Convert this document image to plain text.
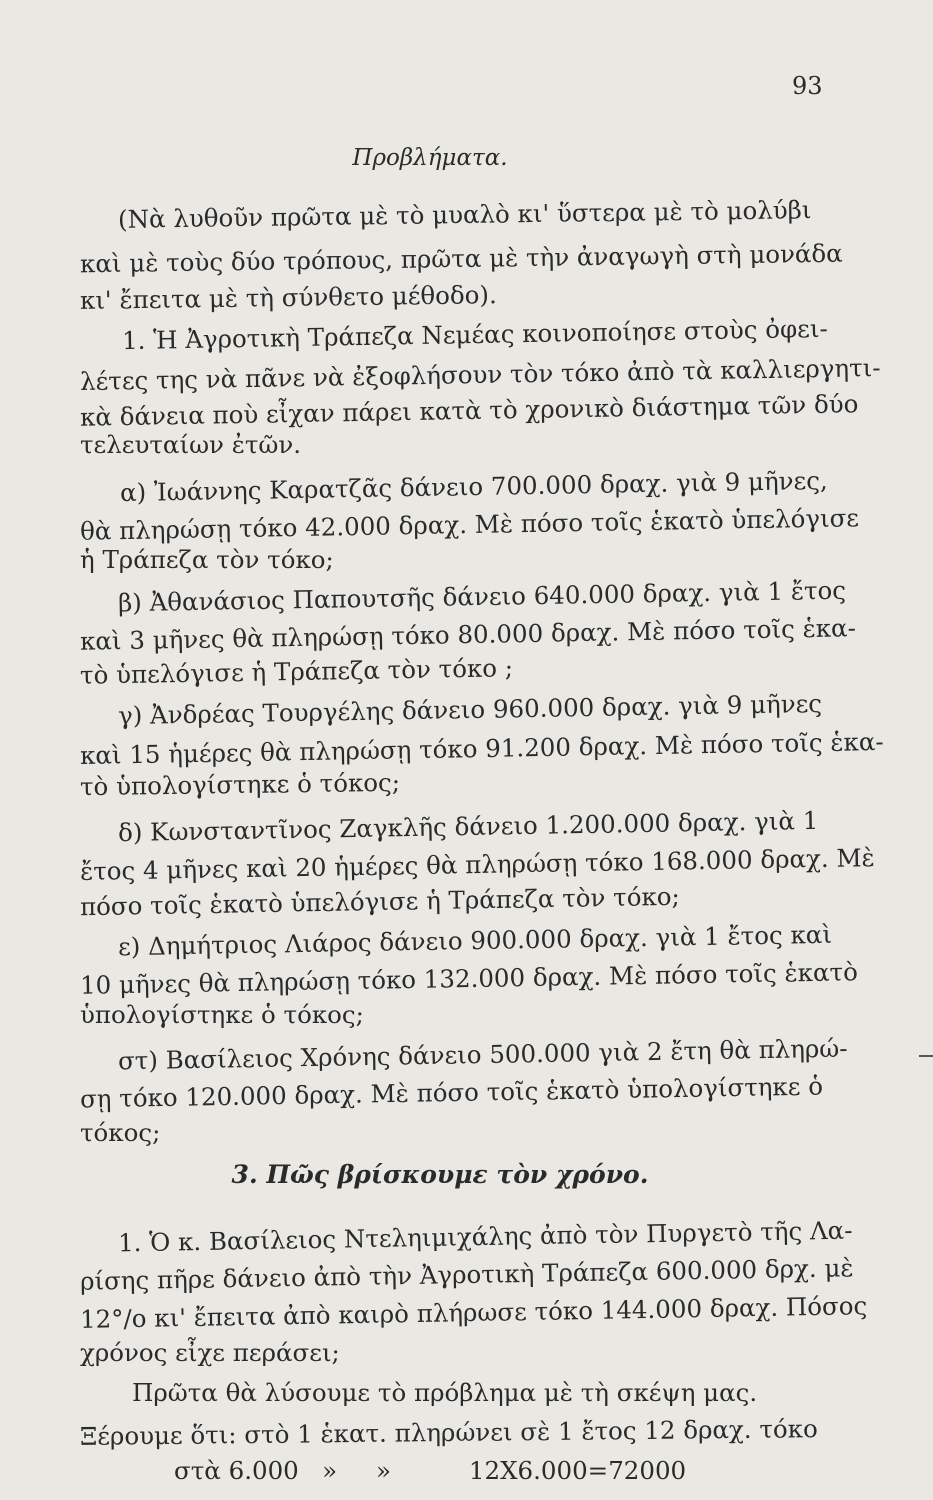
93
Προβλήματα.
(Νὰ λυθοῦν πρῶτα μὲ τὸ μυαλὸ κι' ὕστερα μὲ τὸ μολύβι
καὶ μὲ τοὺς δύο τρόπους, πρῶτα μὲ τὴν ἀναγωγὴ στὴ μονάδα
κι' ἔπειτα μὲ τὴ σύνθετο μέθοδο).
1. Ἡ Ἀγροτικὴ Τράπεζα Νεμέας κοινοποίησε στοὺς ὀφει-
λέτες της νὰ πᾶνε νὰ ἐξοφλήσουν τὸν τόκο ἀπὸ τὰ καλλιεργητι-
κὰ δάνεια ποὺ εἶχαν πάρει κατὰ τὸ χρονικὸ διάστημα τῶν δύο
τελευταίων ἐτῶν.
α) Ἰωάννης Καρατζᾶς δάνειο 700.000 δραχ. γιὰ 9 μῆνες,
θὰ πληρώσῃ τόκο 42.000 δραχ. Μὲ πόσο τοῖς ἑκατὸ ὑπελόγισε
ἡ Τράπεζα τὸν τόκο;
β) Ἀθανάσιος Παπουτσῆς δάνειο 640.000 δραχ. γιὰ 1 ἔτος
καὶ 3 μῆνες θὰ πληρώσῃ τόκο 80.000 δραχ. Μὲ πόσο τοῖς ἑκα-
τὸ ὑπελόγισε ἡ Τράπεζα τὸν τόκο ;
γ) Ἀνδρέας Τουργέλης δάνειο 960.000 δραχ. γιὰ 9 μῆνες
καὶ 15 ἡμέρες θὰ πληρώσῃ τόκο 91.200 δραχ. Μὲ πόσο τοῖς ἑκα-
τὸ ὑπολογίστηκε ὁ τόκος;
δ) Κωνσταντῖνος Ζαγκλῆς δάνειο 1.200.000 δραχ. γιὰ 1
ἔτος 4 μῆνες καὶ 20 ἡμέρες θὰ πληρώσῃ τόκο 168.000 δραχ. Μὲ
πόσο τοῖς ἑκατὸ ὑπελόγισε ἡ Τράπεζα τὸν τόκο;
ε) Δημήτριος Λιάρος δάνειο 900.000 δραχ. γιὰ 1 ἔτος καὶ
10 μῆνες θὰ πληρώσῃ τόκο 132.000 δραχ. Μὲ πόσο τοῖς ἑκατὸ
ὑπολογίστηκε ὁ τόκος;
στ) Βασίλειος Χρόνης δάνειο 500.000 γιὰ 2 ἔτη θὰ πληρώ-
σῃ τόκο 120.000 δραχ. Μὲ πόσο τοῖς ἑκατὸ ὑπολογίστηκε ὁ
τόκος;
3. Πῶς βρίσκουμε τὸν χρόνο.
1. Ὁ κ. Βασίλειος Ντεληιμιχάλης ἀπὸ τὸν Πυργετὸ τῆς Λα-
ρίσης πῆρε δάνειο ἀπὸ τὴν Ἀγροτικὴ Τράπεζα 600.000 δρχ. μὲ
12°/ο κι' ἔπειτα ἀπὸ καιρὸ πλήρωσε τόκο 144.000 δραχ. Πόσος
χρόνος εἶχε περάσει;
Πρῶτα θὰ λύσουμε τὸ πρόβλημα μὲ τὴ σκέψη μας.
Ξέρουμε ὅτι: στὸ 1 ἑκατ. πληρώνει σὲ 1 ἔτος 12 δραχ. τόκο
στὰ 6.000   »     »          12Χ6.000=72000
